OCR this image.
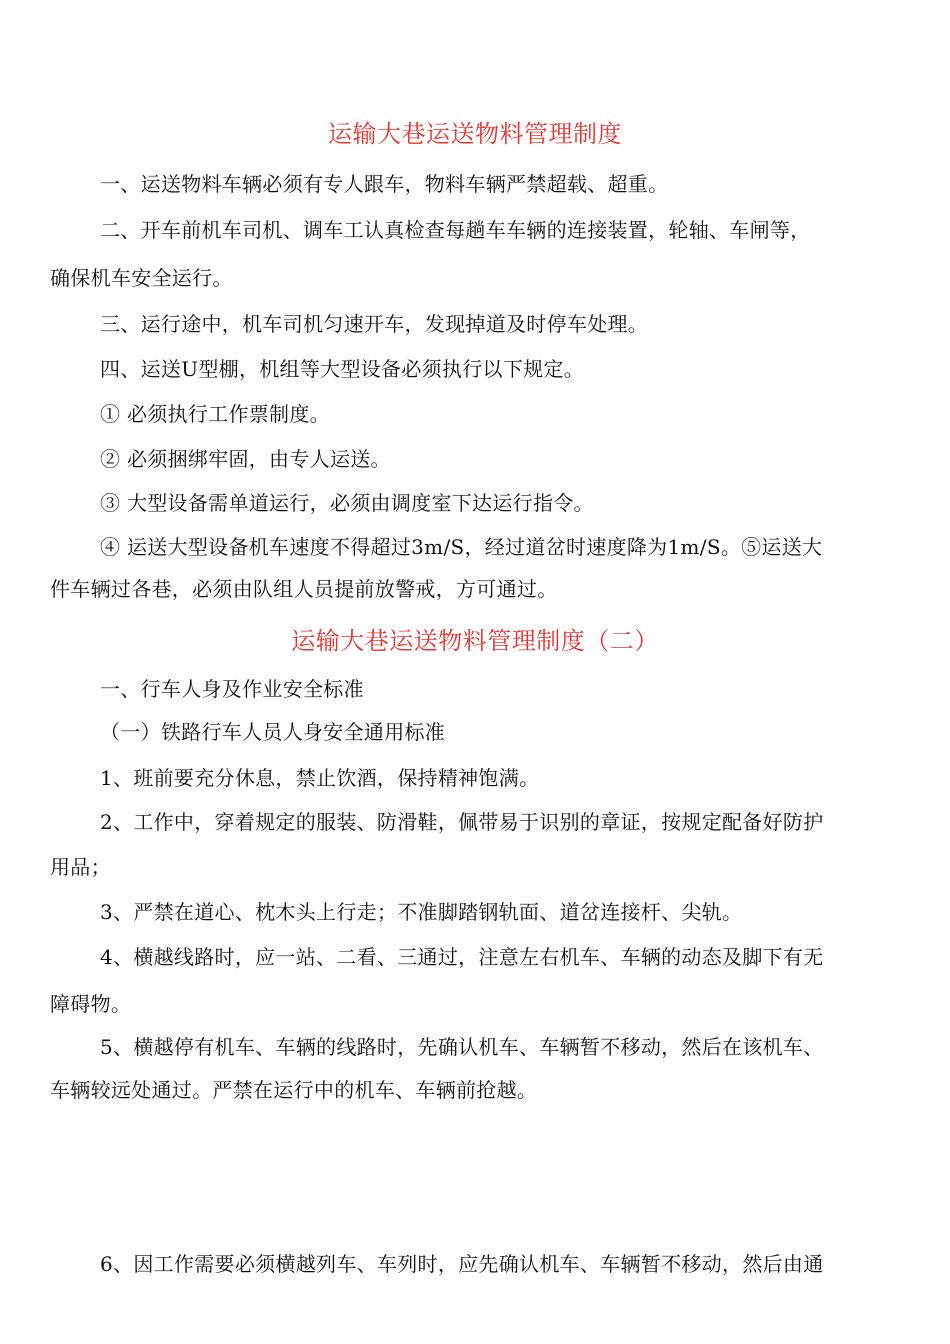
运输大巷运送物料管理制度
一、运送物料车辆必须有专人跟车，物料车辆严禁超载、超重。
二、开车前机车司机、调车工认真检查每趟车车辆的连接装置，轮轴、车闸等，
确保机车安全运行。
三、运行途中，机车司机匀速开车，发现掉道及时停车处理。
四、运送U型棚，机组等大型设备必须执行以下规定。
① 必须执行工作票制度。
② 必须捆绑牢固，由专人运送。
③ 大型设备需单道运行，必须由调度室下达运行指令。
④ 运送大型设备机车速度不得超过3m/S，经过道岔时速度降为1m/S。⑤运送大
件车辆过各巷，必须由队组人员提前放警戒，方可通过。
运输大巷运送物料管理制度（二）
一、行车人身及作业安全标准
（一）铁路行车人员人身安全通用标准
1、班前要充分休息，禁止饮酒，保持精神饱满。
2、工作中，穿着规定的服装、防滑鞋，佩带易于识别的章证，按规定配备好防护
用品；
3、严禁在道心、枕木头上行走；不准脚踏钢轨面、道岔连接杆、尖轨。
4、横越线路时，应一站、二看、三通过，注意左右机车、车辆的动态及脚下有无
障碍物。
5、横越停有机车、车辆的线路时，先确认机车、车辆暂不移动，然后在该机车、
车辆较远处通过。严禁在运行中的机车、车辆前抢越。
6、因工作需要必须横越列车、车列时，应先确认机车、车辆暂不移动，然后由通
